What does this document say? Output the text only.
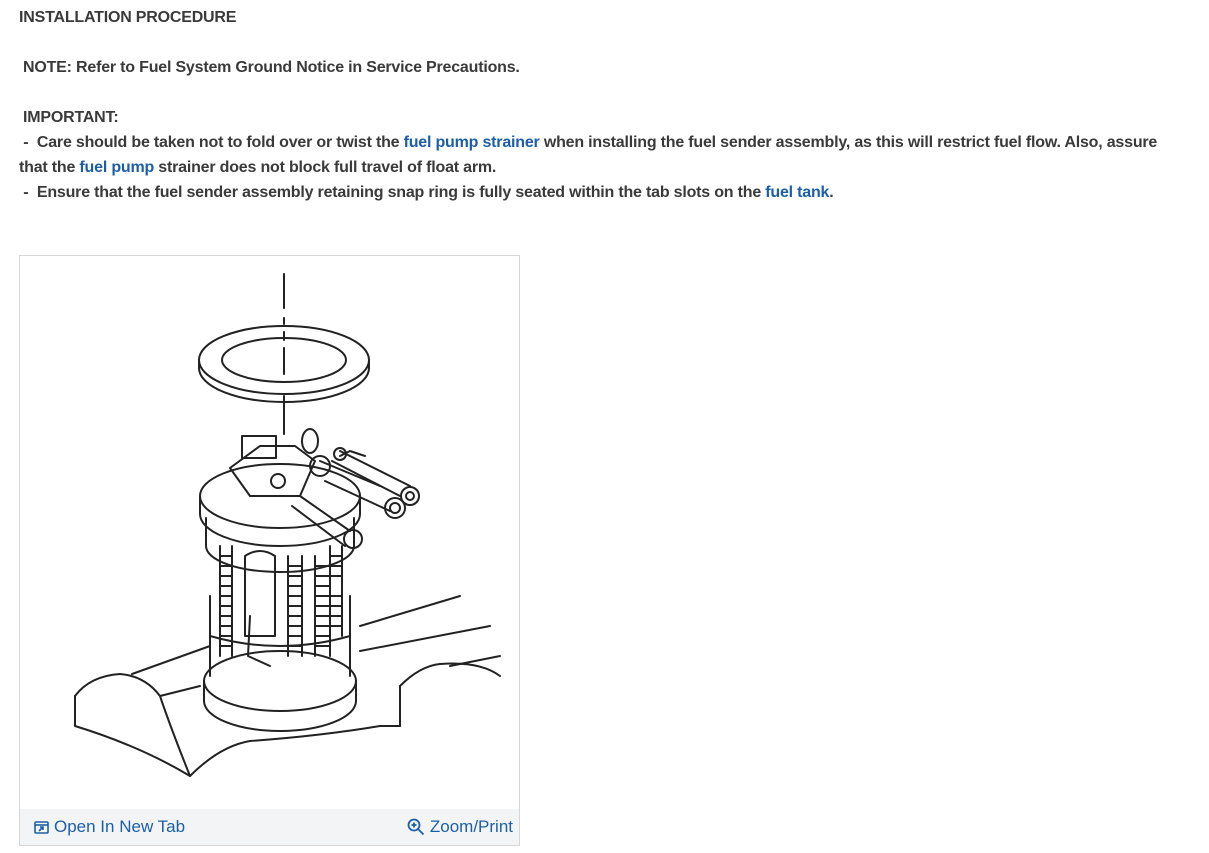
INSTALLATION PROCEDURE
NOTE: Refer to Fuel System Ground Notice in Service Precautions.
IMPORTANT:
-  Care should be taken not to fold over or twist the fuel pump strainer when installing the fuel sender assembly, as this will restrict fuel flow. Also, assure
that the fuel pump strainer does not block full travel of float arm.
-  Ensure that the fuel sender assembly retaining snap ring is fully seated within the tab slots on the fuel tank.
Open In New Tab	Zoom/Print
